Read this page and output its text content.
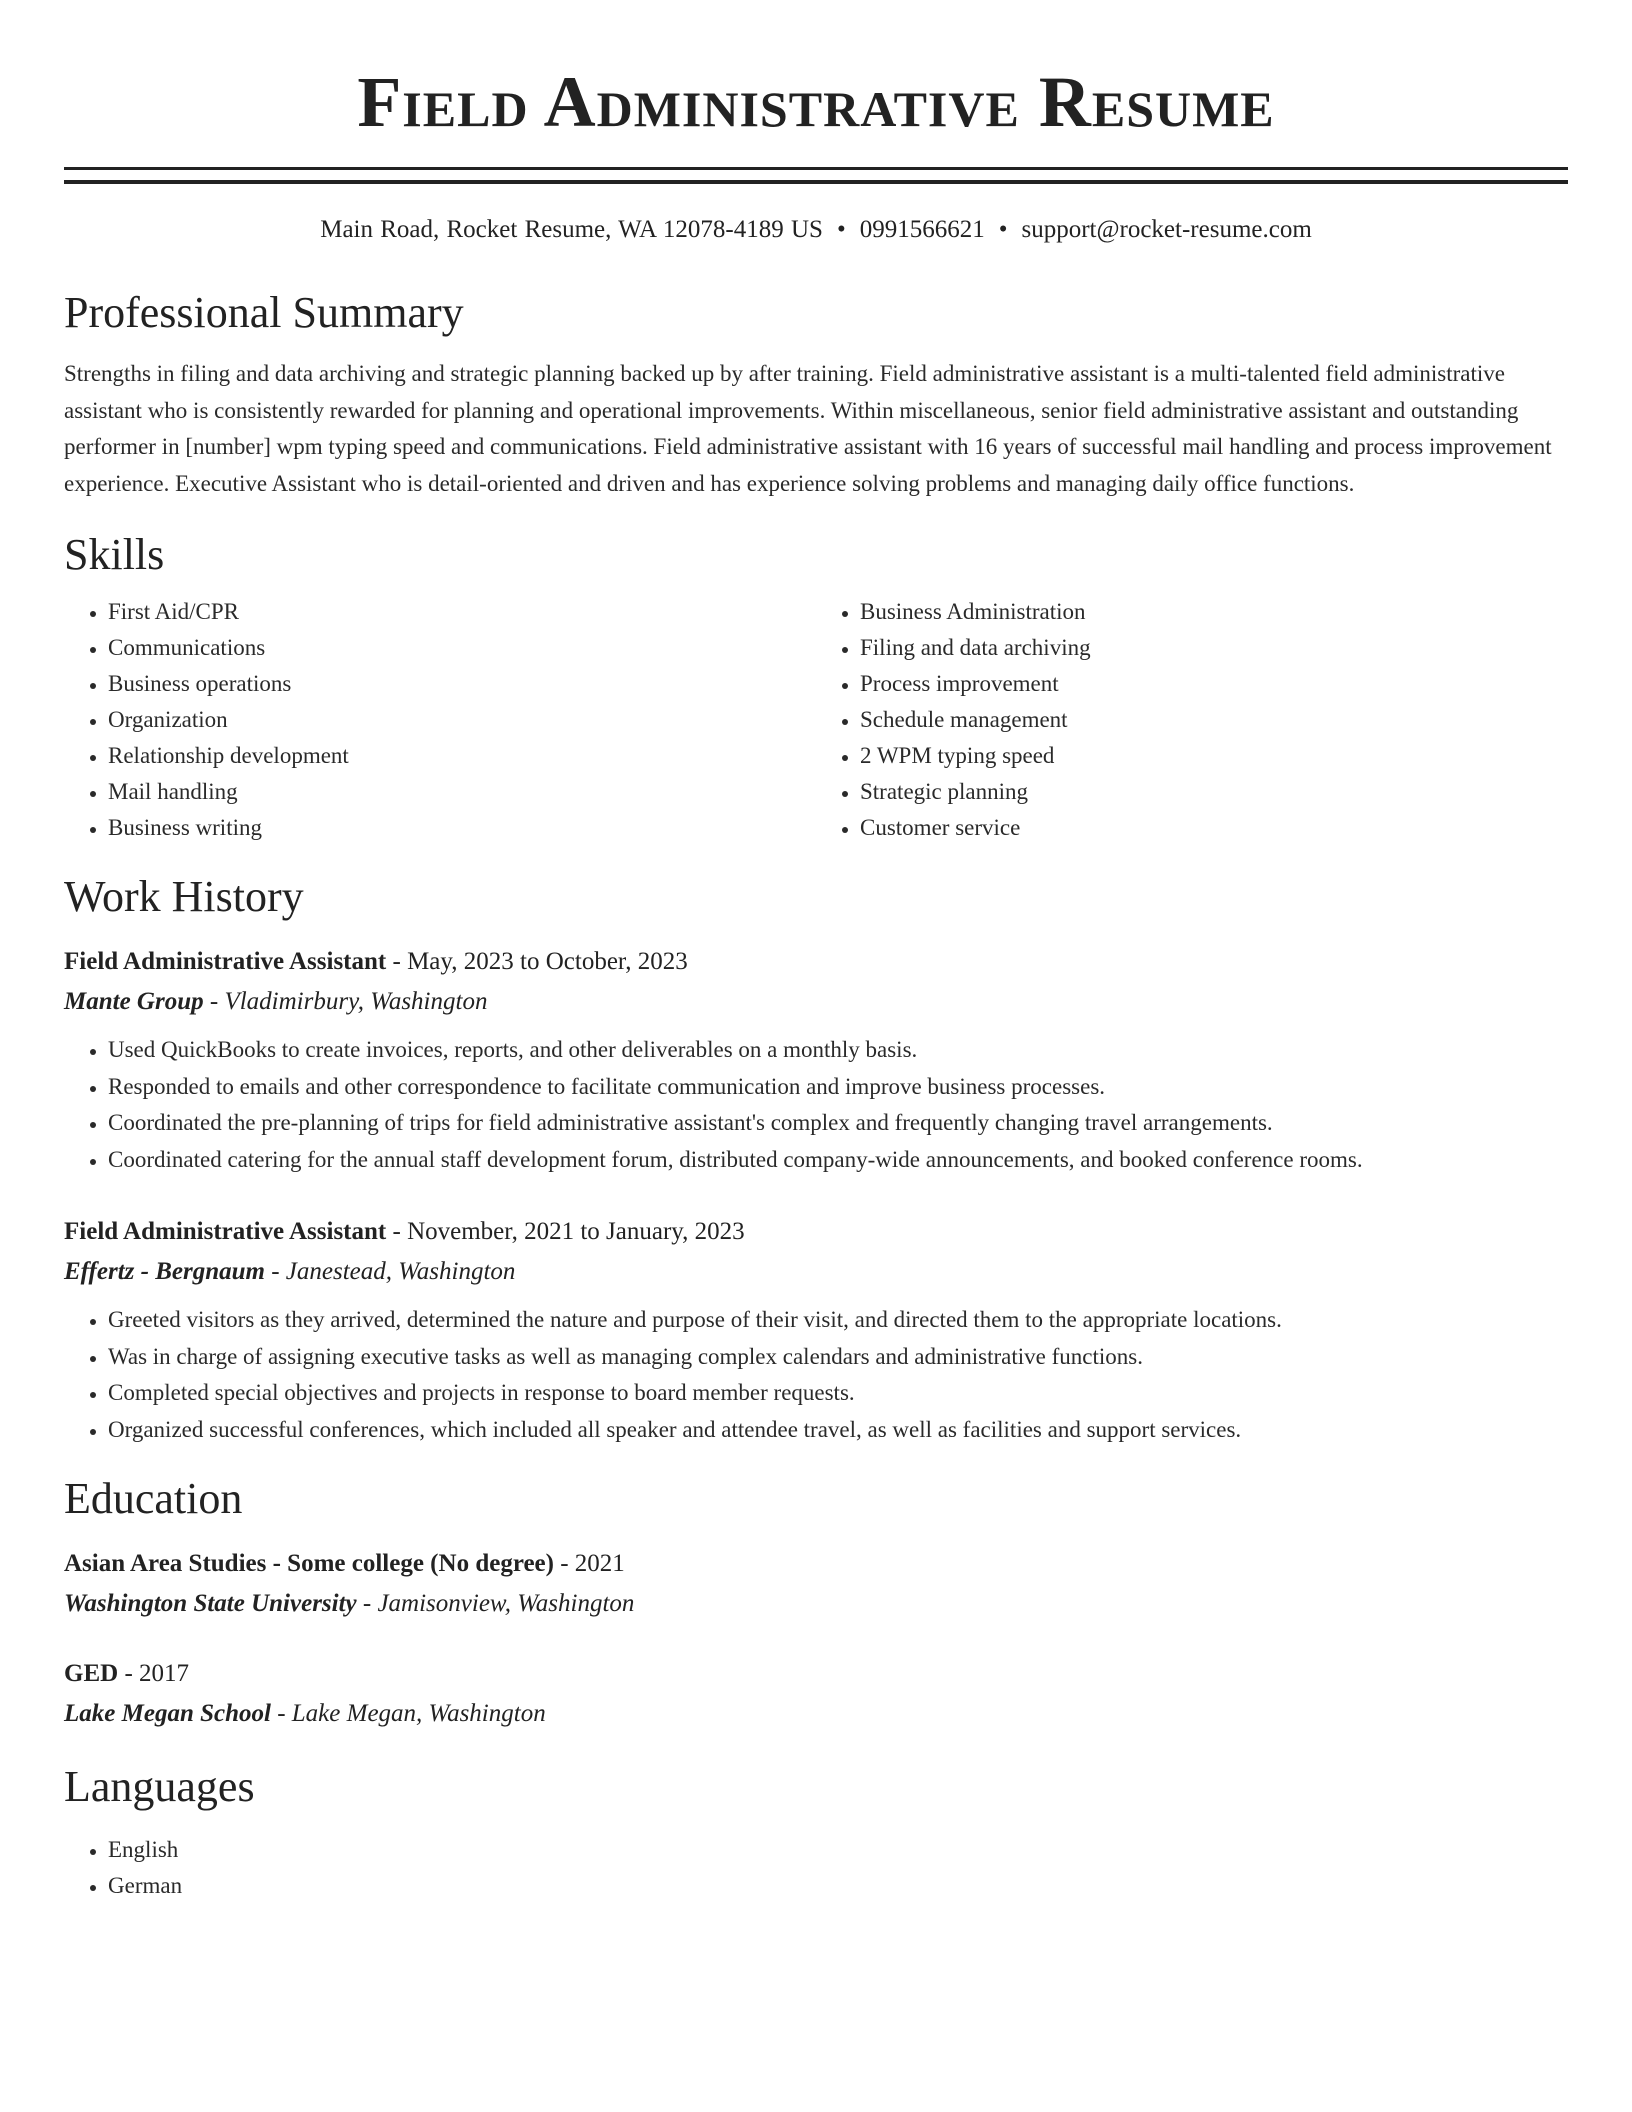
Field Administrative Resume
Main Road, Rocket Resume, WA 12078-4189 US • 0991566621 • support@rocket-resume.com
Professional Summary

Strengths in filing and data archiving and strategic planning backed up by after training. Field administrative assistant is a multi-talented field administrative assistant who is consistently rewarded for planning and operational improvements. Within miscellaneous, senior field administrative assistant and outstanding performer in [number] wpm typing speed and communications. Field administrative assistant with 16 years of successful mail handling and process improvement experience. Executive Assistant who is detail-oriented and driven and has experience solving problems and managing daily office functions.

Skills
• First Aid/CPR
• Communications
• Business operations
• Organization
• Relationship development
• Mail handling
• Business writing
• Business Administration
• Filing and data archiving
• Process improvement
• Schedule management
• 2 WPM typing speed
• Strategic planning
• Customer service
Work History
Field Administrative Assistant - May, 2023 to October, 2023
Mante Group - Vladimirbury, Washington
• Used QuickBooks to create invoices, reports, and other deliverables on a monthly basis.
• Responded to emails and other correspondence to facilitate communication and improve business processes.
• Coordinated the pre-planning of trips for field administrative assistant's complex and frequently changing travel arrangements.
• Coordinated catering for the annual staff development forum, distributed company-wide announcements, and booked conference rooms.
Field Administrative Assistant - November, 2021 to January, 2023
Effertz - Bergnaum - Janestead, Washington
• Greeted visitors as they arrived, determined the nature and purpose of their visit, and directed them to the appropriate locations.
• Was in charge of assigning executive tasks as well as managing complex calendars and administrative functions.
• Completed special objectives and projects in response to board member requests.
• Organized successful conferences, which included all speaker and attendee travel, as well as facilities and support services.
Education
Asian Area Studies - Some college (No degree) - 2021
Washington State University - Jamisonview, Washington
GED - 2017
Lake Megan School - Lake Megan, Washington
Languages
• English
• German
